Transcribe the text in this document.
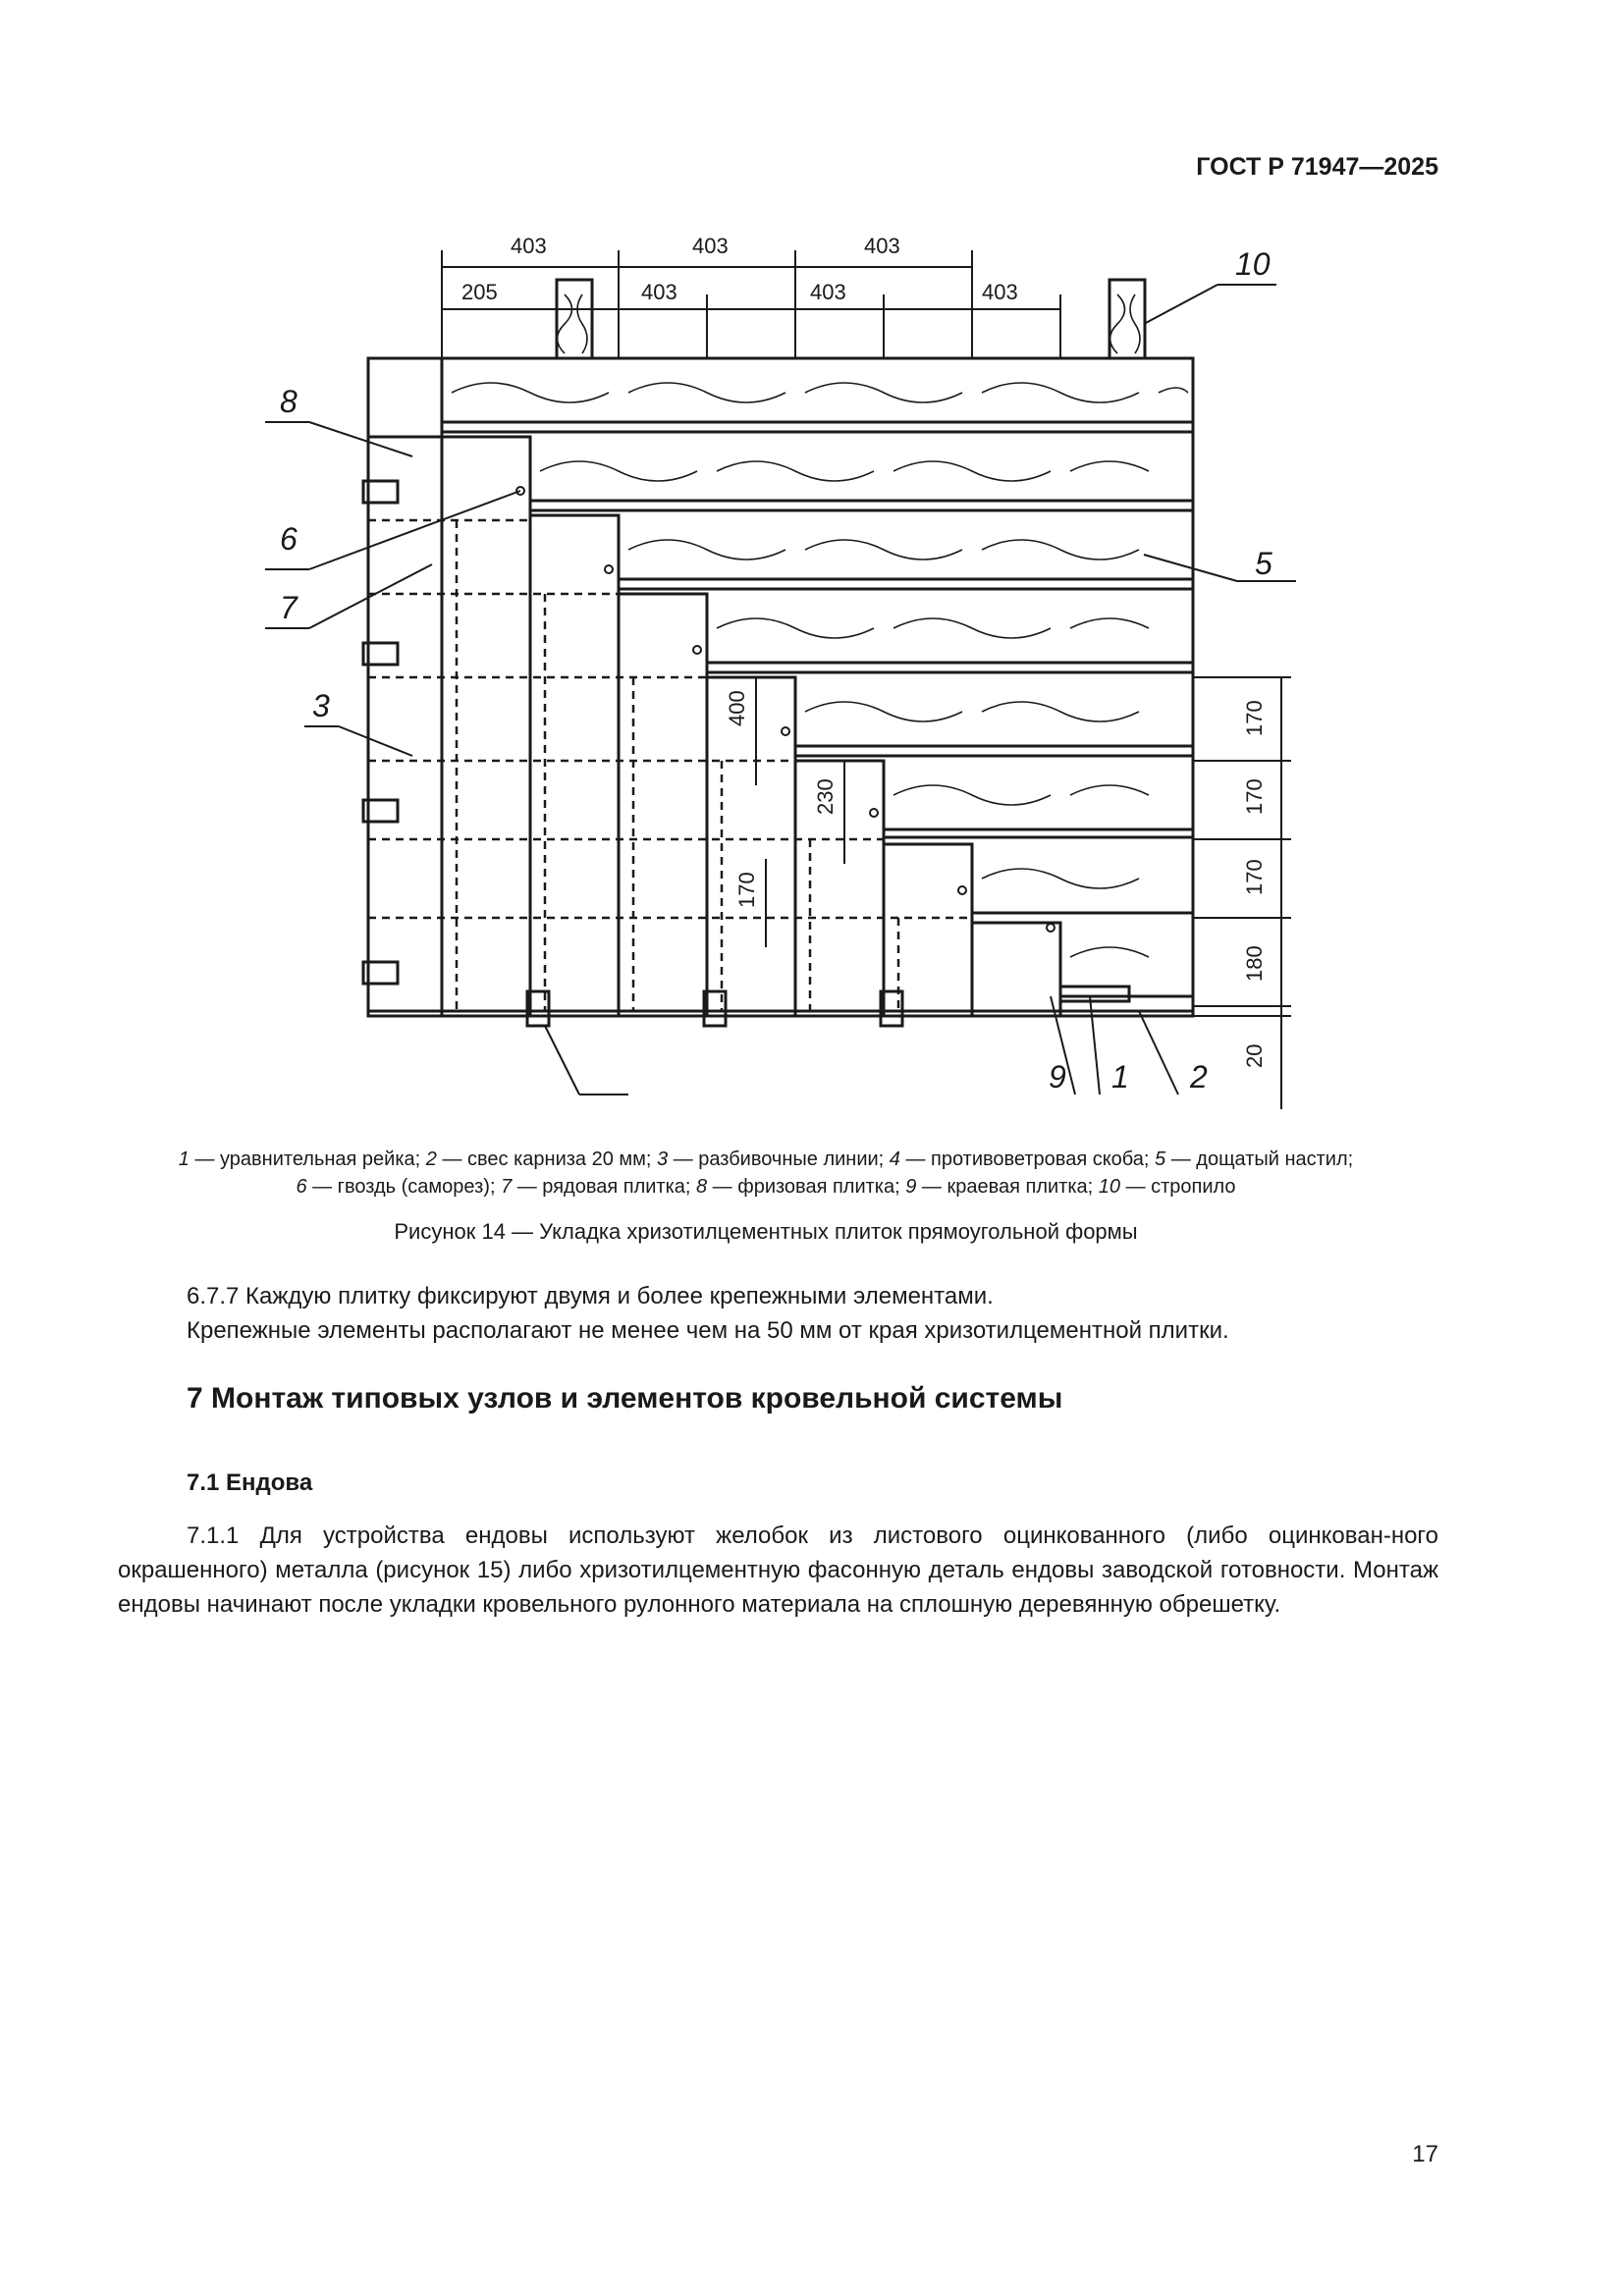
ГОСТ Р 71947—2025
403	403	403
205	403	403	403
170
170
170
180
20
400
230
170
8
6
7
3
5
10
9 1 2
1 — уравнительная рейка; 2 — свес карниза 20 мм; 3 — разбивочные линии; 4 — противоветровая скоба; 5 — дощатый настил;
6 — гвоздь (саморез); 7 — рядовая плитка; 8 — фризовая плитка; 9 — краевая плитка; 10 — стропило
Рисунок 14 — Укладка хризотилцементных плиток прямоугольной формы
6.7.7 Каждую плитку фиксируют двумя и более крепежными элементами.
Крепежные элементы располагают не менее чем на 50 мм от края хризотилцементной плитки.
7 Монтаж типовых узлов и элементов кровельной системы
7.1 Ендова
7.1.1 Для устройства ендовы используют желобок из листового оцинкованного (либо оцинкован-ного окрашенного) металла (рисунок 15) либо хризотилцементную фасонную деталь ендовы заводской готовности. Монтаж ендовы начинают после укладки кровельного рулонного материала на сплошную деревянную обрешетку.
17
